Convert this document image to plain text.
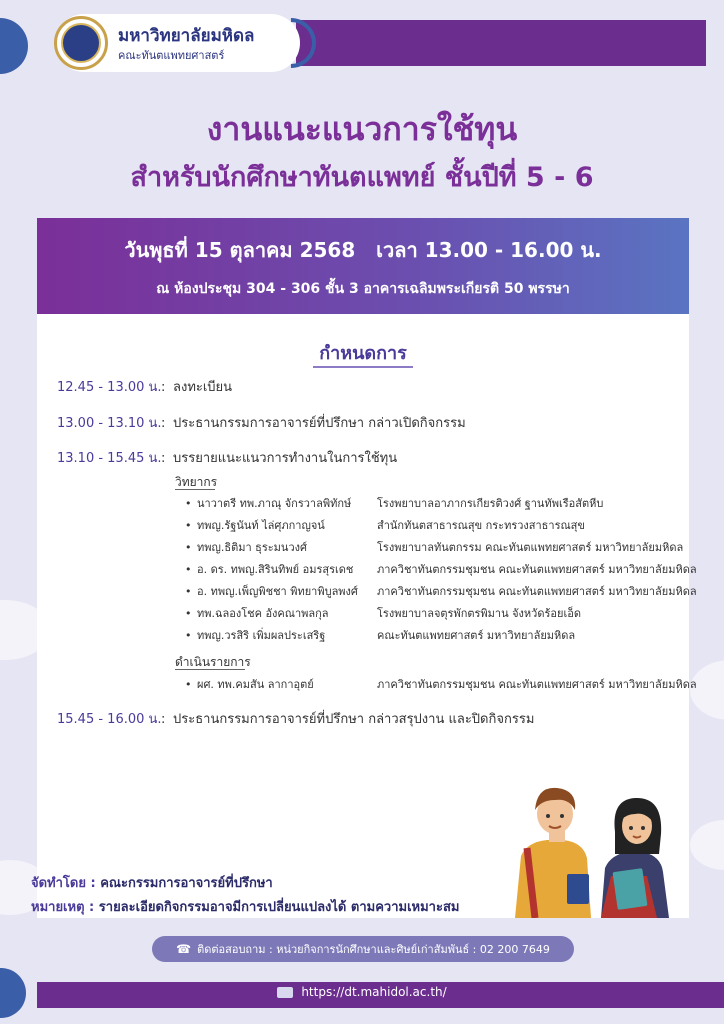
มหาวิทยาลัยมหิดล
คณะทันตแพทยศาสตร์
งานแนะแนวการใช้ทุน
สำหรับนักศึกษาทันตแพทย์ ชั้นปีที่ 5 - 6
วันพุธที่ 15 ตุลาคม 2568   เวลา 13.00 - 16.00 น.
ณ ห้องประชุม 304 - 306 ชั้น 3 อาคารเฉลิมพระเกียรติ 50 พรรษา
กำหนดการ
12.45 - 13.00 น.: ลงทะเบียน
13.00 - 13.10 น.: ประธานกรรมการอาจารย์ที่ปรึกษา กล่าวเปิดกิจกรรม
13.10 - 15.45 น.: บรรยายแนะแนวการทำงานในการใช้ทุน
วิทยากร
• นาวาตรี ทพ.ภาณุ จักรวาลพิทักษ์ โรงพยาบาลอาภากรเกียรติวงศ์ ฐานทัพเรือสัตหีบ
• ทพญ.รัฐนันท์ ไล่ศุภกาญจน์	สำนักทันตสาธารณสุข กระทรวงสาธารณสุข
• ทพญ.ธิติมา ธุระมนวงศ์	โรงพยาบาลทันตกรรม คณะทันตแพทยศาสตร์ มหาวิทยาลัยมหิดล
• อ. ดร. ทพญ.สิรินทิพย์ อมรสุรเดช ภาควิชาทันตกรรมชุมชน คณะทันตแพทยศาสตร์ มหาวิทยาลัยมหิดล
• อ. ทพญ.เพ็ญพิชชา พิทยาพิบูลพงศ์ ภาควิชาทันตกรรมชุมชน คณะทันตแพทยศาสตร์ มหาวิทยาลัยมหิดล
• ทพ.ฉลองโชค อังคณาพลกุล	โรงพยาบาลจตุรพักตรพิมาน จังหวัดร้อยเอ็ด
• ทพญ.วรสิริ เพิ่มผลประเสริฐ	คณะทันตแพทยศาสตร์ มหาวิทยาลัยมหิดล
ดำเนินรายการ
• ผศ. ทพ.คมสัน ลากาอุตย์	ภาควิชาทันตกรรมชุมชน คณะทันตแพทยศาสตร์ มหาวิทยาลัยมหิดล
15.45 - 16.00 น.: ประธานกรรมการอาจารย์ที่ปรึกษา กล่าวสรุปงาน และปิดกิจกรรม
จัดทำโดย : คณะกรรมการอาจารย์ที่ปรึกษา
หมายเหตุ : รายละเอียดกิจกรรมอาจมีการเปลี่ยนแปลงได้ ตามความเหมาะสม
☎ ติดต่อสอบถาม : หน่วยกิจการนักศึกษาและศิษย์เก่าสัมพันธ์ : 02 200 7649
https://dt.mahidol.ac.th/
